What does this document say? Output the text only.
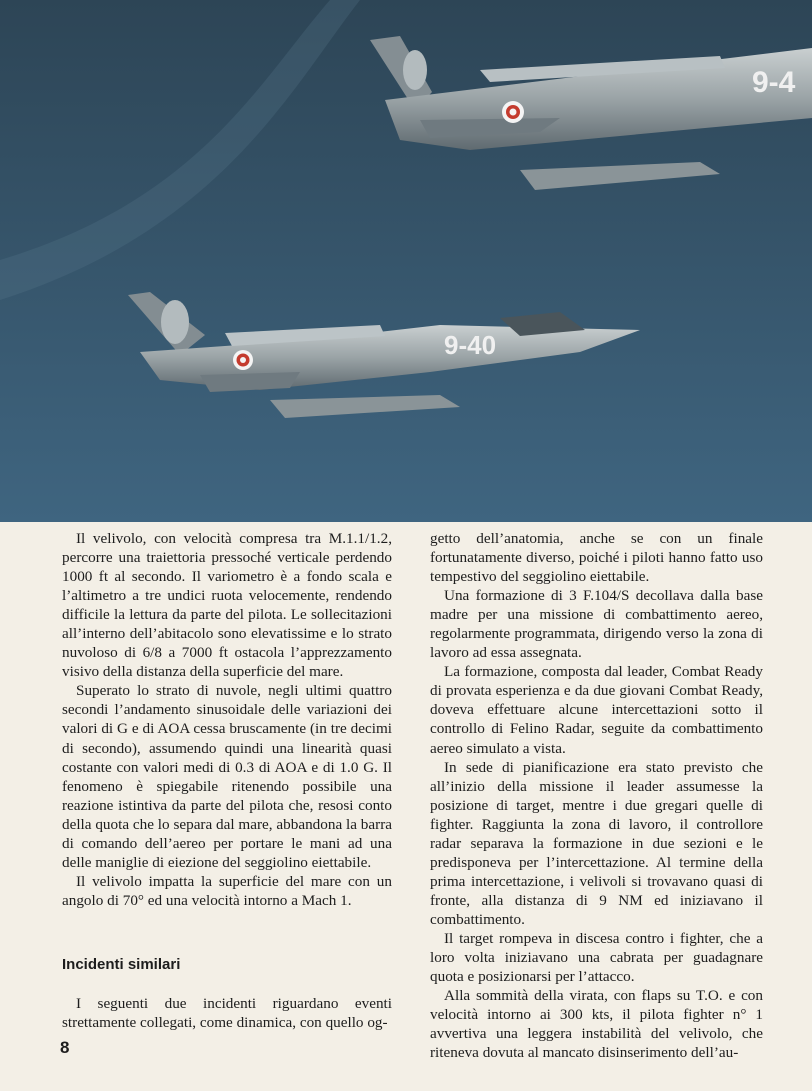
9-4
9-40

Il velivolo, con velocità compresa tra M.1.1/1.2, percorre una traiettoria pressoché verticale perdendo 1000 ft al secondo. Il variometro è a fondo scala e l’altimetro a tre undici ruota velocemente, rendendo difficile la lettura da parte del pilota. Le sollecitazioni all’interno dell’abitacolo sono elevatissime e lo strato nuvoloso di 6/8 a 7000 ft ostacola l’apprezzamento visivo della distanza della superficie del mare.

Superato lo strato di nuvole, negli ultimi quattro secondi l’andamento sinusoidale delle variazioni dei valori di G e di AOA cessa bruscamente (in tre decimi di secondo), assumendo quindi una linearità quasi costante con valori medi di 0.3 di AOA e di 1.0 G. Il fenomeno è spiegabile ritenendo possibile una reazione istintiva da parte del pilota che, resosi conto della quota che lo separa dal mare, abbandona la barra di comando dell’aereo per portare le mani ad una delle maniglie di eiezione del seggiolino eiettabile.

Il velivolo impatta la superficie del mare con un angolo di 70° ed una velocità intorno a Mach 1.

Incidenti similari

I seguenti due incidenti riguardano eventi strettamente collegati, come dinamica, con quello og-

getto dell’anatomia, anche se con un finale fortunatamente diverso, poiché i piloti hanno fatto uso tempestivo del seggiolino eiettabile.

Una formazione di 3 F.104/S decollava dalla base madre per una missione di combattimento aereo, regolarmente programmata, dirigendo verso la zona di lavoro ad essa assegnata.

La formazione, composta dal leader, Combat Ready di provata esperienza e da due giovani Combat Ready, doveva effettuare alcune intercettazioni sotto il controllo di Felino Radar, seguite da combattimento aereo simulato a vista.

In sede di pianificazione era stato previsto che all’inizio della missione il leader assumesse la posizione di target, mentre i due gregari quelle di fighter. Raggiunta la zona di lavoro, il controllore radar separava la formazione in due sezioni e le predisponeva per l’intercettazione. Al termine della prima intercettazione, i velivoli si trovavano quasi di fronte, alla distanza di 9 NM ed iniziavano il combattimento.

Il target rompeva in discesa contro i fighter, che a loro volta iniziavano una cabrata per guadagnare quota e posizionarsi per l’attacco.

Alla sommità della virata, con flaps su T.O. e con velocità intorno ai 300 kts, il pilota fighter n° 1 avvertiva una leggera instabilità del velivolo, che riteneva dovuta al mancato disinserimento dell’au-

8
